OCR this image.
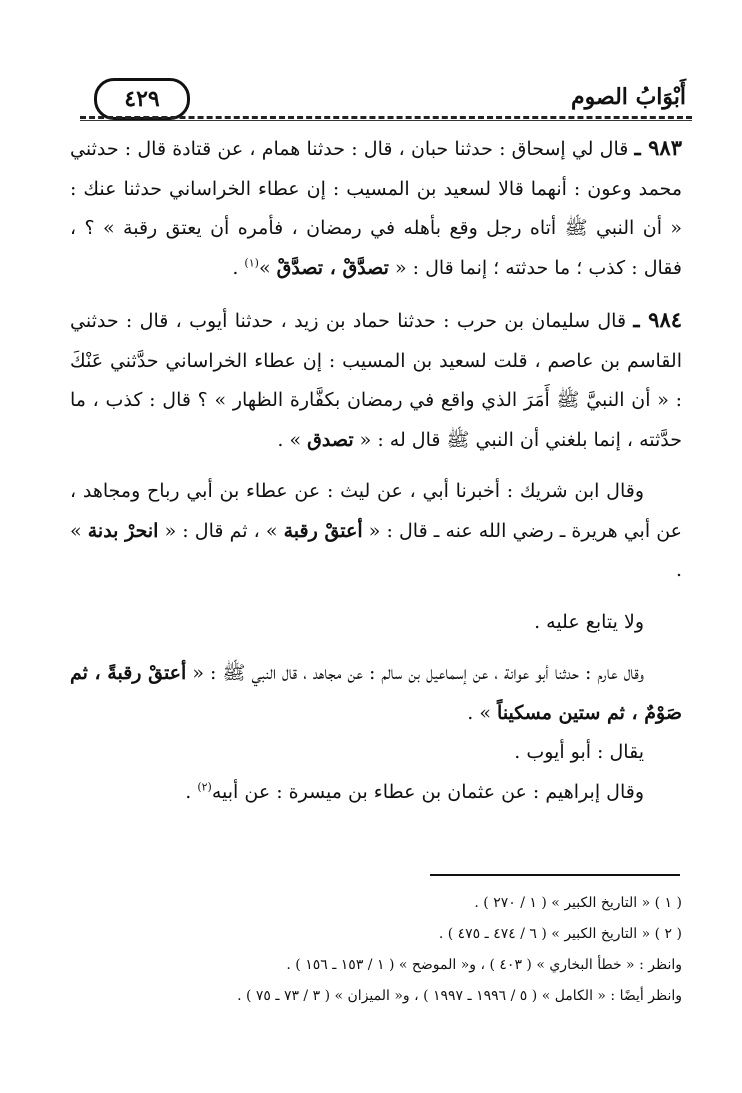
٤٢٩	أَبْوَابُ الصوم

٩٨٣ ـ قال لي إسحاق : حدثنا حبان ، قال : حدثنا همام ، عن قتادة قال : حدثني محمد وعون : أنهما قالا لسعيد بن المسيب : إن عطاء الخراساني حدثنا عنك : « أن النبي ﷺ أتاه رجل وقع بأهله في رمضان ، فأمره أن يعتق رقبة » ؟ ، فقال : كذب ؛ ما حدثته ؛ إنما قال : « تصدَّقْ ، تصدَّقْ »$^{(١)}$ .

٩٨٤ ـ قال سليمان بن حرب : حدثنا حماد بن زيد ، حدثنا أيوب ، قال : حدثني القاسم بن عاصم ، قلت لسعيد بن المسيب : إن عطاء الخراساني حدَّثني عَنْكَ : « أن النبيَّ ﷺ أَمَرَ الذي واقع في رمضان بكفَّارة الظهار » ؟ قال : كذب ، ما حدَّثته ، إنما بلغني أن النبي ﷺ قال له : « تصدق » .

وقال ابن شريك : أخبرنا أبي ، عن ليث : عن عطاء بن أبي رباح ومجاهد ، عن أبي هريرة ـ رضي الله عنه ـ قال : « أعتقْ رقبة » ، ثم قال : « انحرْ بدنة » .

ولا يتابع عليه .

وقال عارم : حدثنا أبو عوانة ، عن إسماعيل بن سالم : عن مجاهد ، قال النبي ﷺ : « أعتقْ رقبةً ، ثم صَوْمٌ ، ثم ستين مسكيناً » .

يقال : أبو أيوب .

وقال إبراهيم : عن عثمان بن عطاء بن ميسرة : عن أبيه$^{(٢)}$ .

( ١ ) « التاريخ الكبير » ( ١ / ٢٧٠ ) .

( ٢ ) « التاريخ الكبير » ( ٦ / ٤٧٤ ـ ٤٧٥ ) .

وانظر : « خطأ البخاري » ( ٤٠٣ ) ، و« الموضح » ( ١ / ١٥٣ ـ ١٥٦ ) .

وانظر أيضًا : « الكامل » ( ٥ / ١٩٩٦ ـ ١٩٩٧ ) ، و« الميزان » ( ٣ / ٧٣ ـ ٧٥ ) .
